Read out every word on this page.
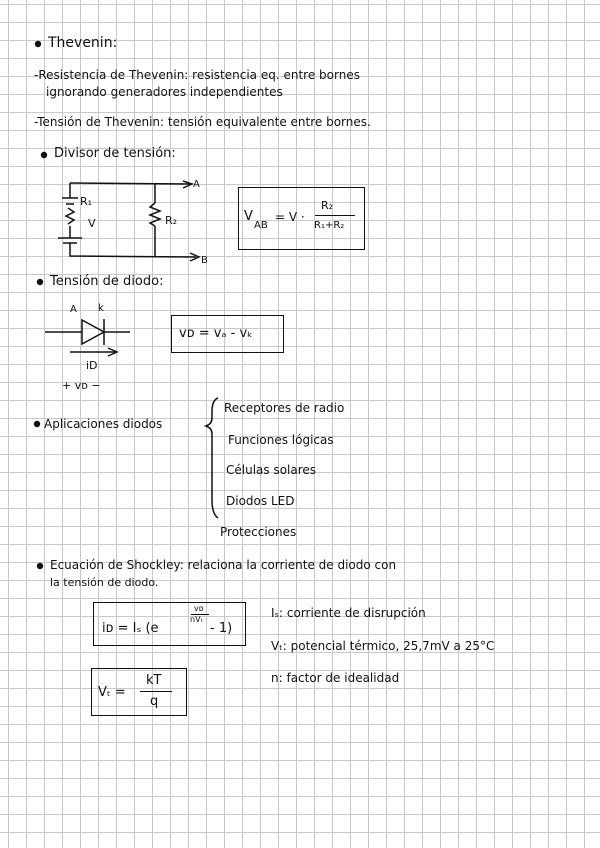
Thevenin:
-Resistencia de Thevenin: resistencia eq. entre bornes
ignorando generadores independientes
-Tensión de Thevenin: tensión equivalente entre bornes.
Divisor de tensión:
R₁
V	R₂
A
B
V
AB
= V ·
R₂
R₁+R₂
Tensión de diodo:
A k
iD
+ vᴅ −
vᴅ = vₐ - vₖ
Aplicaciones diodos
Receptores de radio
Funciones lógicas
Células solares
Diodos LED
Protecciones
Ecuación de Shockley: relaciona la corriente de diodo con
la tensión de diodo.
iᴅ = Iₛ (e
vᴅ
nVₜ
- 1)
Vₜ =
kT
q
Iₛ: corriente de disrupción
Vₜ: potencial térmico, 25,7mV a 25°C
n: factor de idealidad
